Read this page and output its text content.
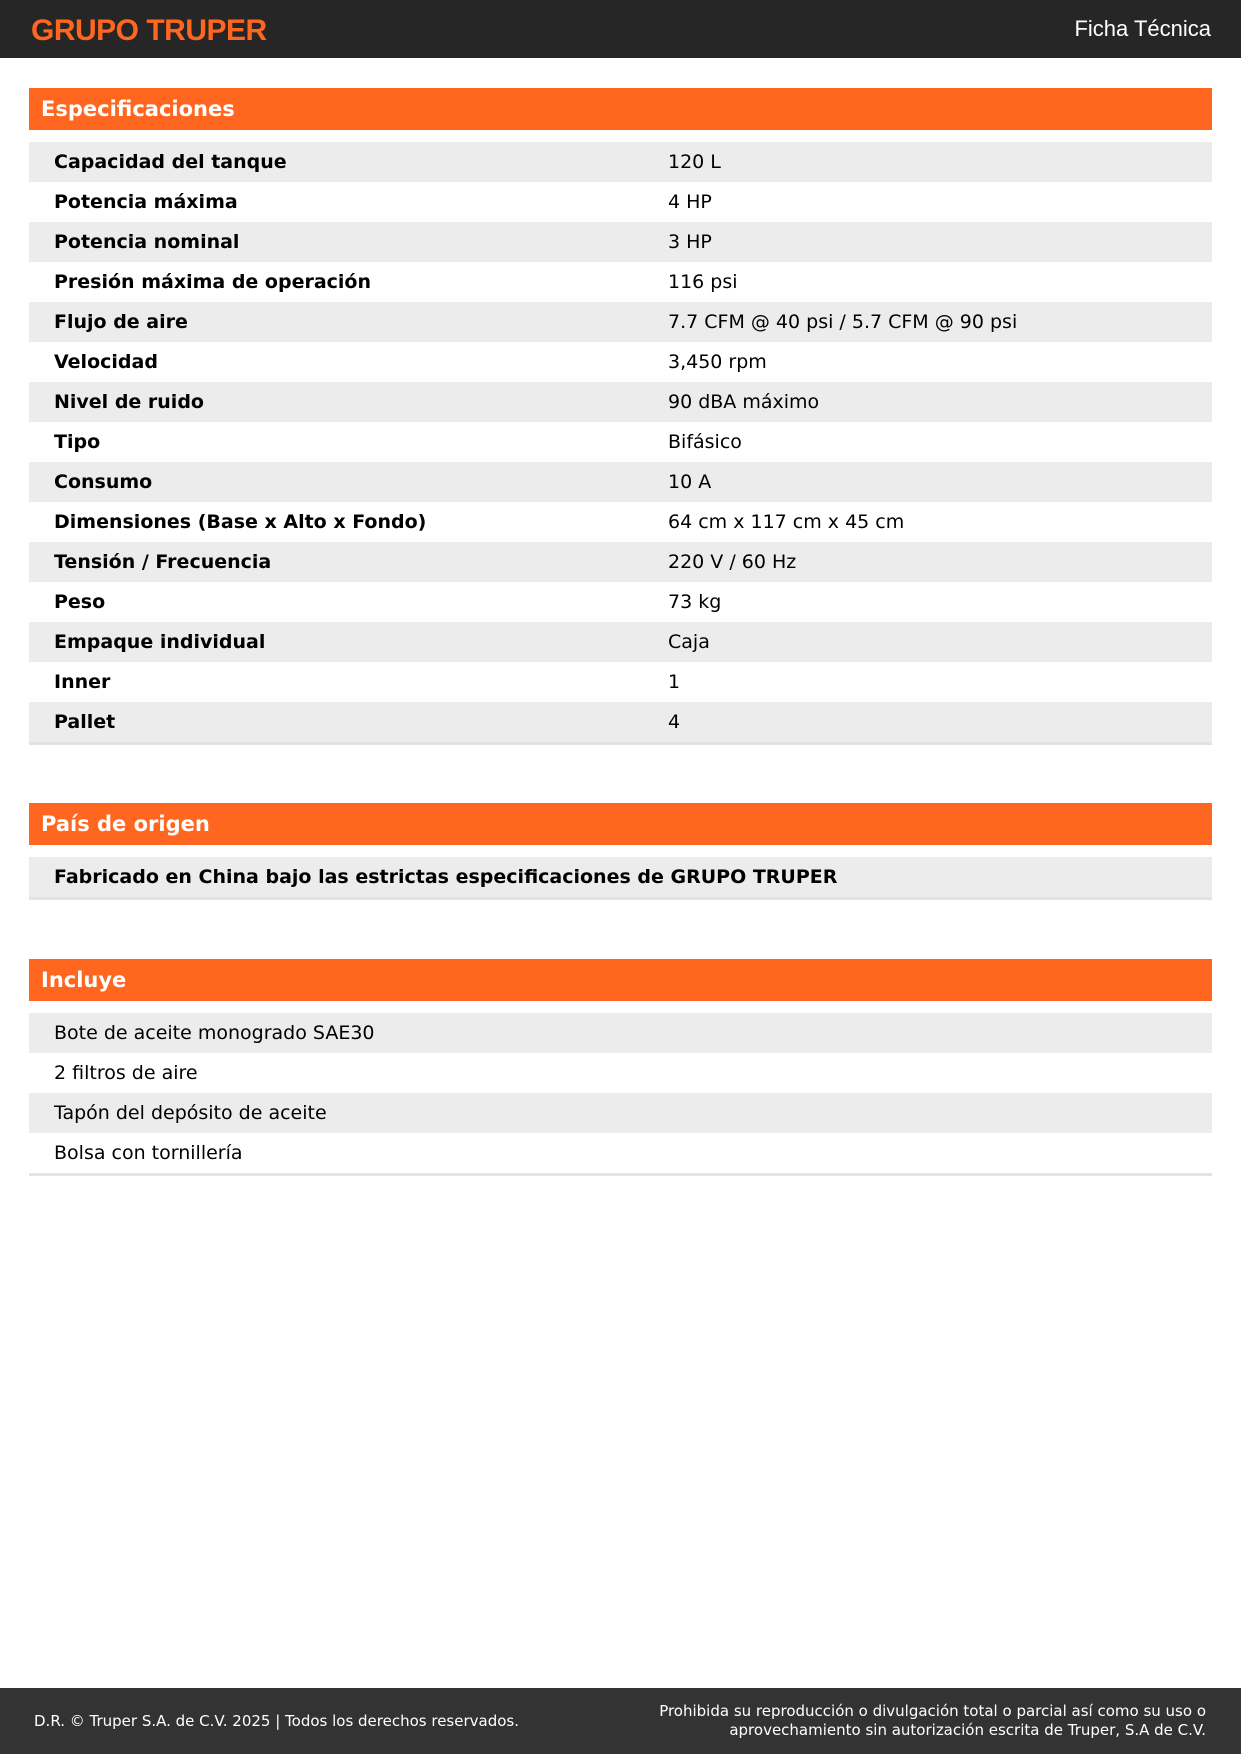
GRUPO TRUPER	Ficha Técnica
Especificaciones
Capacidad del tanque	120 L
Potencia máxima	4 HP
Potencia nominal	3 HP
Presión máxima de operación	116 psi
Flujo de aire	7.7 CFM @ 40 psi / 5.7 CFM @ 90 psi
Velocidad	3,450 rpm
Nivel de ruido	90 dBA máximo
Tipo	Bifásico
Consumo	10 A
Dimensiones (Base x Alto x Fondo)	64 cm x 117 cm x 45 cm
Tensión / Frecuencia	220 V / 60 Hz
Peso	73 kg
Empaque individual	Caja
Inner	1
Pallet	4
País de origen
Fabricado en China bajo las estrictas especificaciones de GRUPO TRUPER
Incluye
Bote de aceite monogrado SAE30
2 filtros de aire
Tapón del depósito de aceite
Bolsa con tornillería
D.R. © Truper S.A. de C.V. 2025 | Todos los derechos reservados.
Prohibida su reproducción o divulgación total o parcial así como su uso o
aprovechamiento sin autorización escrita de Truper, S.A de C.V.
